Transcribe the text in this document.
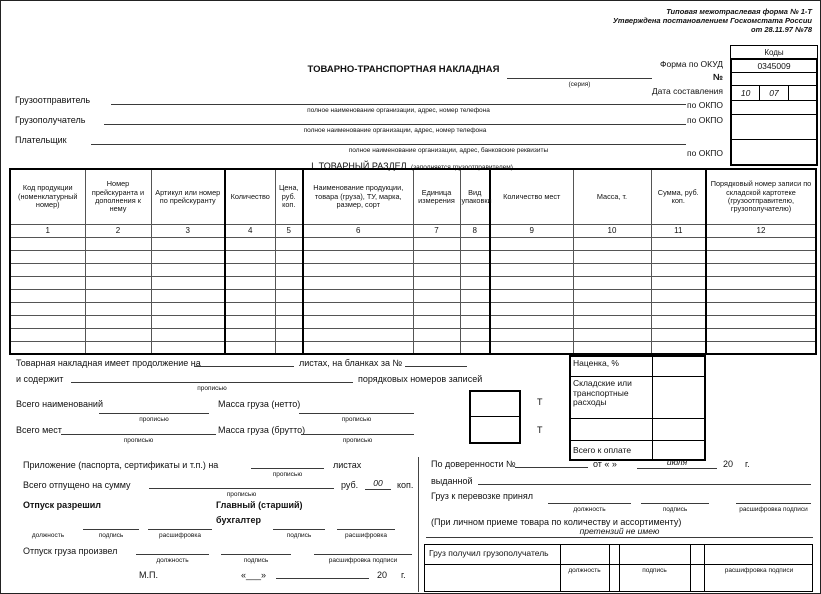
Типовая межотраслевая форма № 1-Т
Утверждена постановлением Госкомстата России
от 28.11.97 №78
Форма по ОКУД
№
Дата составления
по ОКПО
по ОКПО
по ОКПО
Коды
0345009
10	07
ТОВАРНО-ТРАНСПОРТНАЯ НАКЛАДНАЯ
(серия)
Грузоотправитель
полное наименование организации, адрес, номер телефона
Грузополучатель
полное наименование организации, адрес, номер телефона
Плательщик
полное наименование организации, адрес, банковские реквизиты
I. ТОВАРНЫЙ РАЗДЕЛ (заполняется грузоотправителем)
Код продукции (номенклатурный номер)	Номер прейскуранта и дополнения к нему	Артикул или номер по прейскуранту	Количество	Цена, руб. коп.	Наименование продукции, товара (груза), ТУ, марка, размер, сорт	Единица измерения	Вид упаковки	Количество мест	Масса, т.	Сумма, руб. коп.	Порядковый номер записи по складской картотеке (грузоотправителю, грузополучателю)
1	2	3	4	5	6	7	8	9	10	11	12

Товарная накладная имеет продолжение на	листах, на бланках за №
и содержит
прописью
порядковых номеров записей
Всего наименований
прописью
Масса груза (нетто)
прописью
Всего мест
прописью
Масса груза (брутто)
прописью
Т
Т
Наценка, %
Складские или транспортные расходы
Всего к оплате
Приложение (паспорта, сертификаты и т.п.) на
прописью
листах
Всего отпущено на сумму
прописью
руб.	00	коп.
Отпуск разрешил	Главный (старший)
бухгалтер
должность	подпись	расшифровка	подпись	расшифровка
Отпуск груза произвел
должность	подпись	расшифровка подписи
М.П.	«___»	20 г.
По доверенности №	от « »	июля	20 г.
выданной
Груз к перевозке принял
должность	подпись	расшифровка подписи
(При личном приеме товара по количеству и ассортименту)
претензий не имею
Груз получил грузополучатель
должность	подпись	расшифровка подписи
